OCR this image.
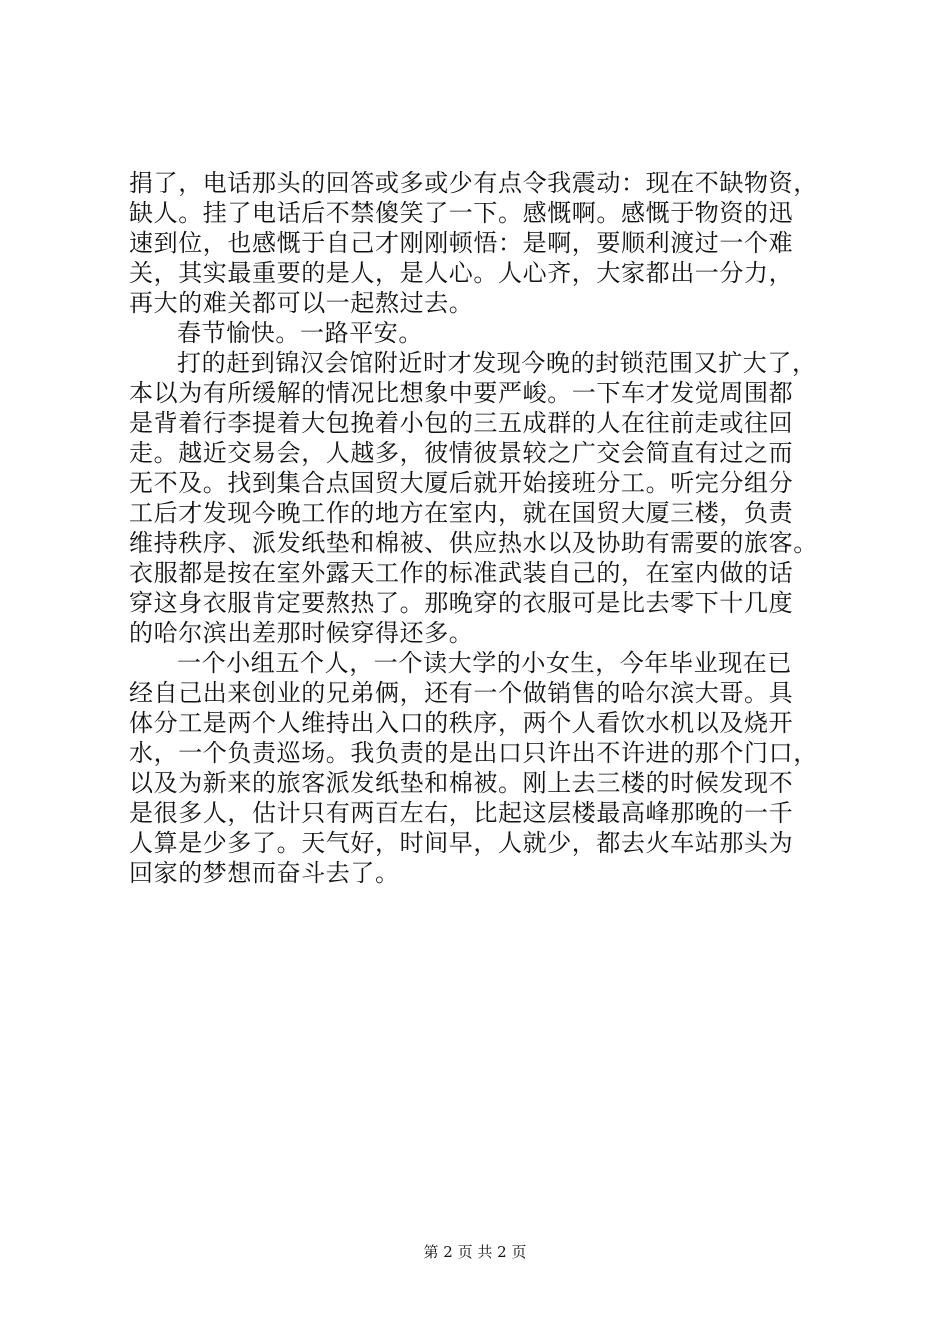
捐了，电话那头的回答或多或少有点令我震动：现在不缺物资，
缺人。挂了电话后不禁傻笑了一下。感慨啊。感慨于物资的迅
速到位，也感慨于自己才刚刚顿悟：是啊，要顺利渡过一个难
关，其实最重要的是人，是人心。人心齐，大家都出一分力，
再大的难关都可以一起熬过去。
春节愉快。一路平安。
打的赶到锦汉会馆附近时才发现今晚的封锁范围又扩大了，
本以为有所缓解的情况比想象中要严峻。一下车才发觉周围都
是背着行李提着大包挽着小包的三五成群的人在往前走或往回
走。越近交易会，人越多，彼情彼景较之广交会简直有过之而
无不及。找到集合点国贸大厦后就开始接班分工。听完分组分
工后才发现今晚工作的地方在室内，就在国贸大厦三楼，负责
维持秩序、派发纸垫和棉被、供应热水以及协助有需要的旅客。
衣服都是按在室外露天工作的标准武装自己的，在室内做的话
穿这身衣服肯定要熬热了。那晚穿的衣服可是比去零下十几度
的哈尔滨出差那时候穿得还多。
一个小组五个人，一个读大学的小女生，今年毕业现在已
经自己出来创业的兄弟俩，还有一个做销售的哈尔滨大哥。具
体分工是两个人维持出入口的秩序，两个人看饮水机以及烧开
水，一个负责巡场。我负责的是出口只许出不许进的那个门口，
以及为新来的旅客派发纸垫和棉被。刚上去三楼的时候发现不
是很多人，估计只有两百左右，比起这层楼最高峰那晚的一千
人算是少多了。天气好，时间早，人就少，都去火车站那头为
回家的梦想而奋斗去了。
第 2 页 共 2 页
